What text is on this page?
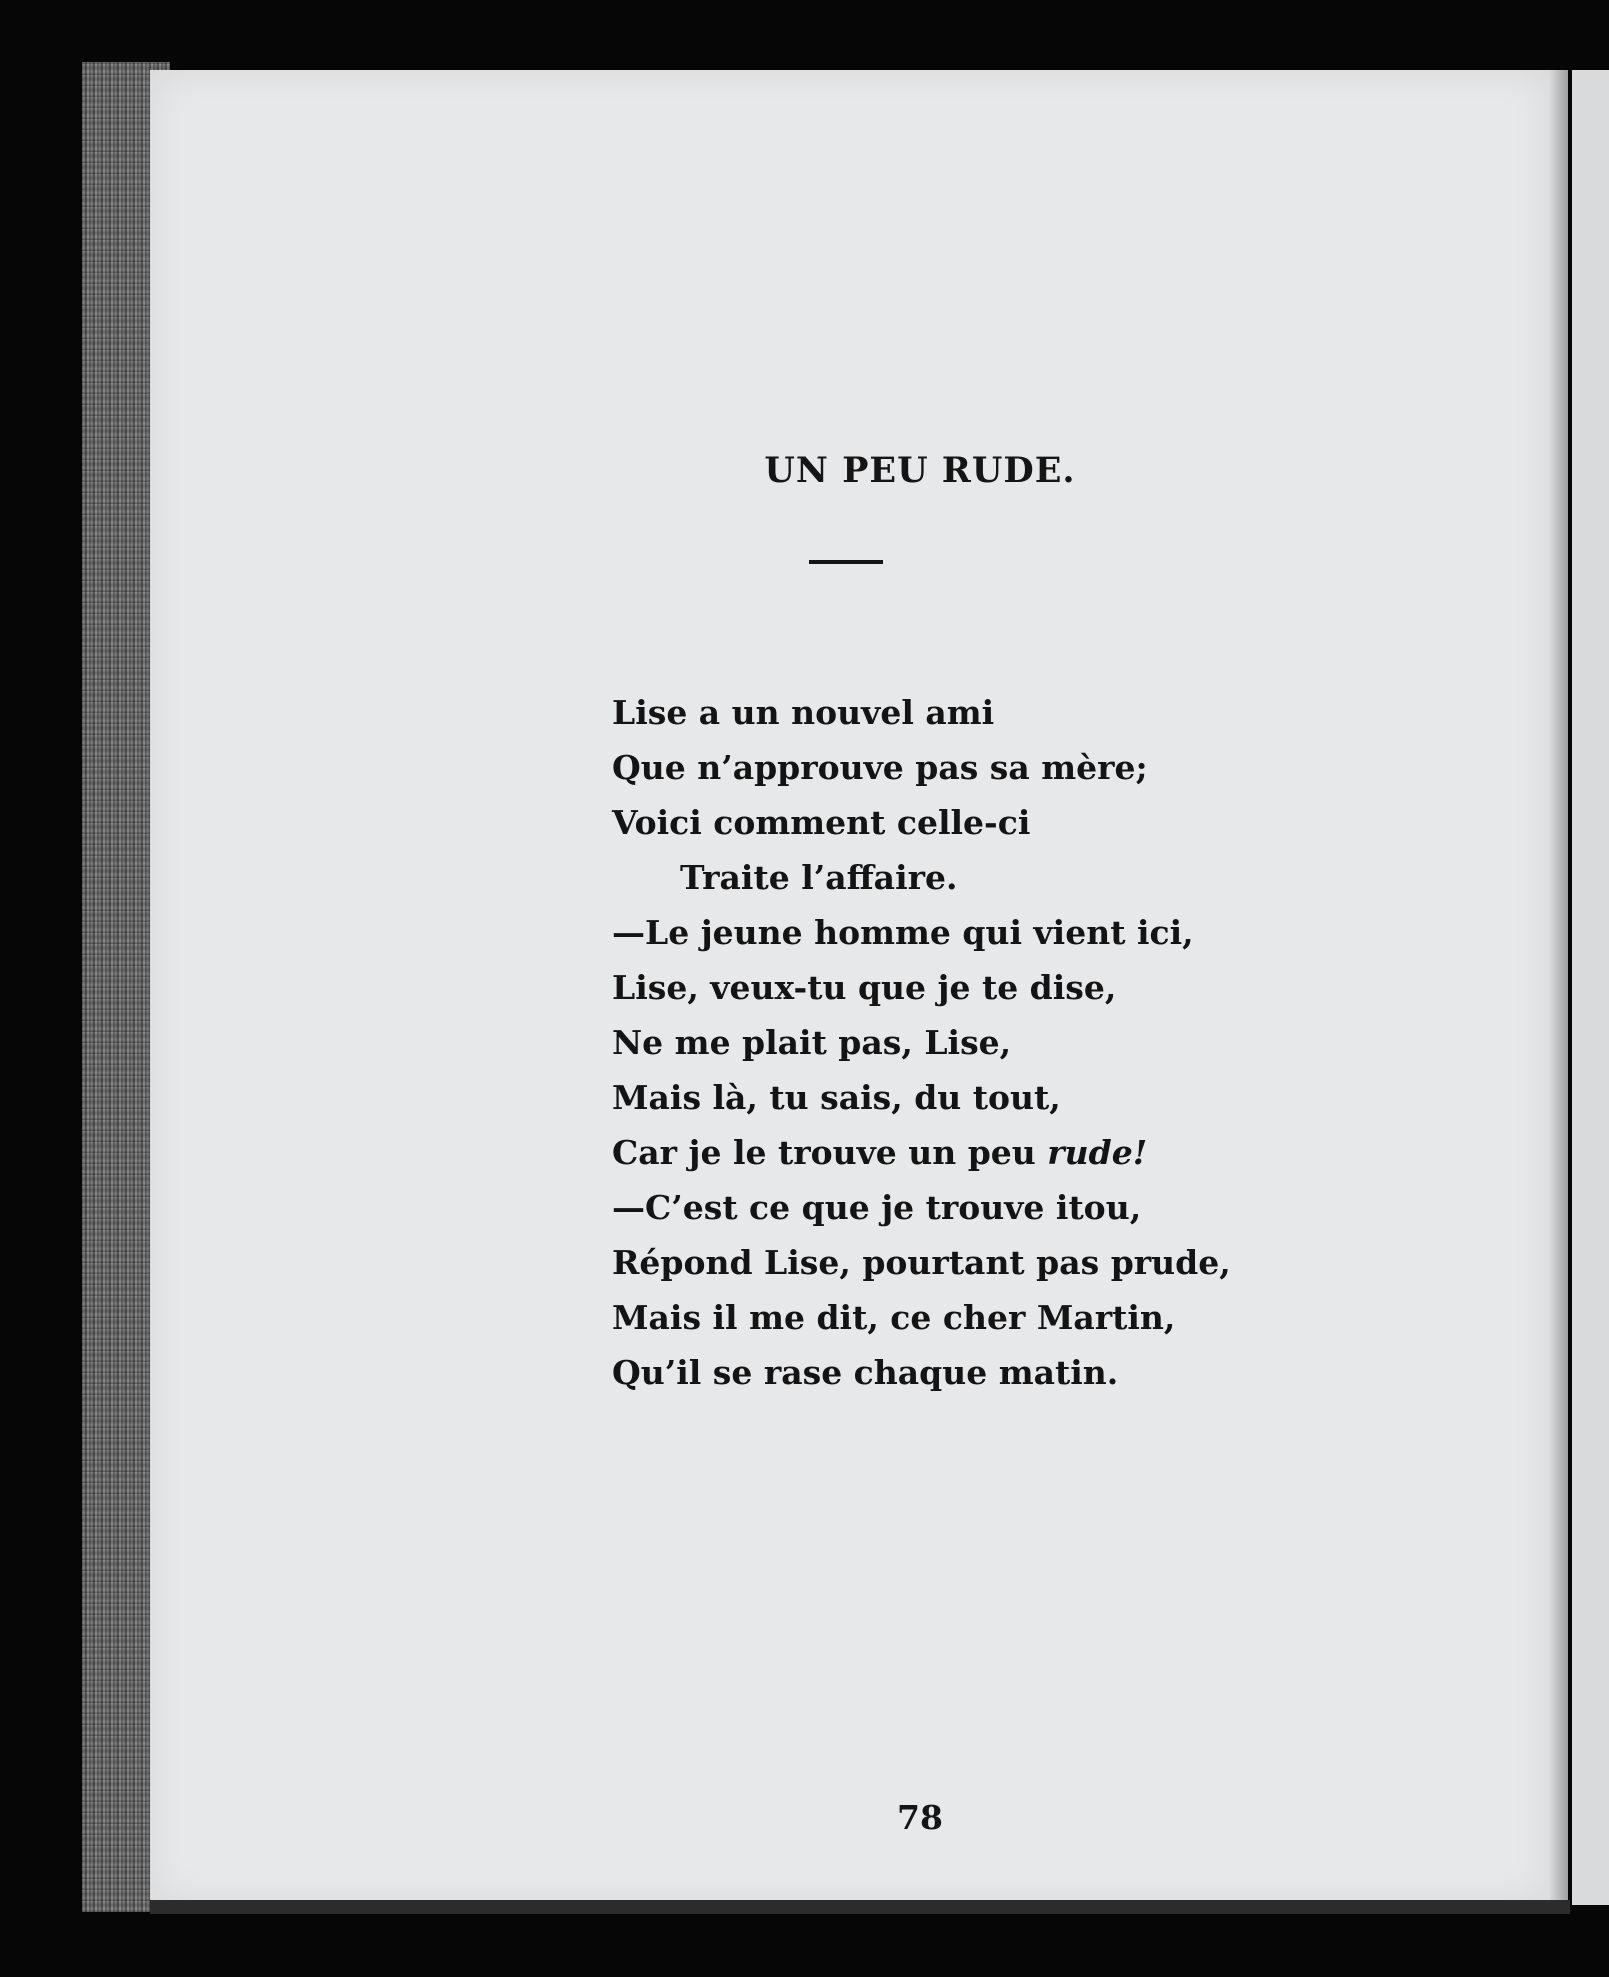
UN PEU RUDE.
Lise a un nouvel ami
Que n’approuve pas sa mère;
Voici comment celle-ci
Traite l’affaire.
—Le jeune homme qui vient ici,
Lise, veux-tu que je te dise,
Ne me plait pas, Lise,
Mais là, tu sais, du tout,
Car je le trouve un peu rude!
—C’est ce que je trouve itou,
Répond Lise, pourtant pas prude,
Mais il me dit, ce cher Martin,
Qu’il se rase chaque matin.
78
